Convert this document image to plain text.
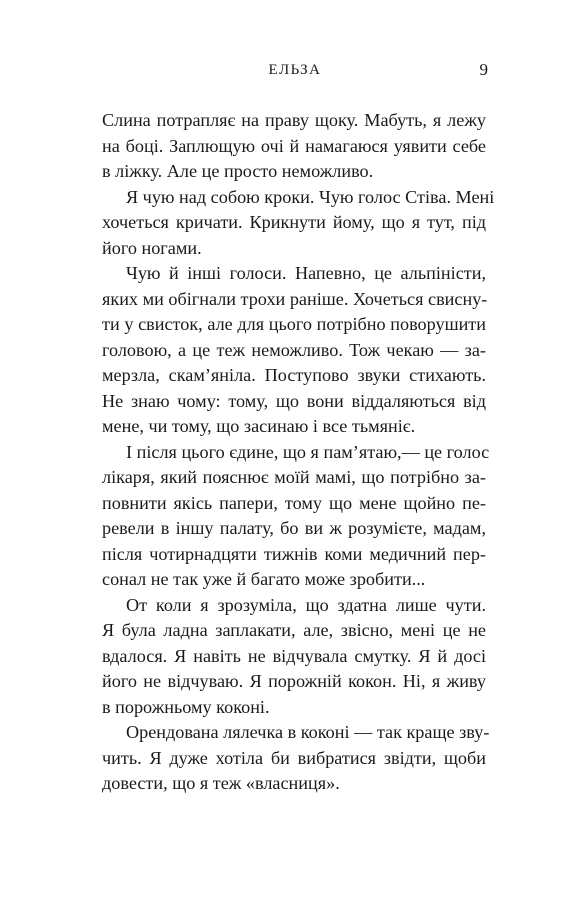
ЕЛЬЗА	9

Слина потрапляє на праву щоку. Мабуть, я лежу
на боці. Заплющую очі й намагаюся уявити себе
в ліжку. Але це просто неможливо.

Я чую над собою кроки. Чую голос Стіва. Мені
хочеться кричати. Крикнути йому, що я тут, під
його ногами.

Чую й інші голоси. Напевно, це альпіністи,
яких ми обігнали трохи раніше. Хочеться свисну-
ти у свисток, але для цього потрібно поворушити
головою, а це теж неможливо. Тож чекаю — за-
мерзла, скам’яніла. Поступово звуки стихають.
Не знаю чому: тому, що вони віддаляються від
мене, чи тому, що засинаю і все тьмяніє.

І після цього єдине, що я пам’ятаю,— це голос
лікаря, який пояснює моїй мамі, що потрібно за-
повнити якісь папери, тому що мене щойно пе-
ревели в іншу палату, бо ви ж розумієте, мадам,
після чотирнадцяти тижнів коми медичний пер-
сонал не так уже й багато може зробити...

От коли я зрозуміла, що здатна лише чути.
Я була ладна заплакати, але, звісно, мені це не
вдалося. Я навіть не відчувала смутку. Я й досі
його не відчуваю. Я порожній кокон. Ні, я живу
в порожньому коконі.

Орендована лялечка в коконі — так краще зву-
чить. Я дуже хотіла би вибратися звідти, щоби
довести, що я теж «власниця».
